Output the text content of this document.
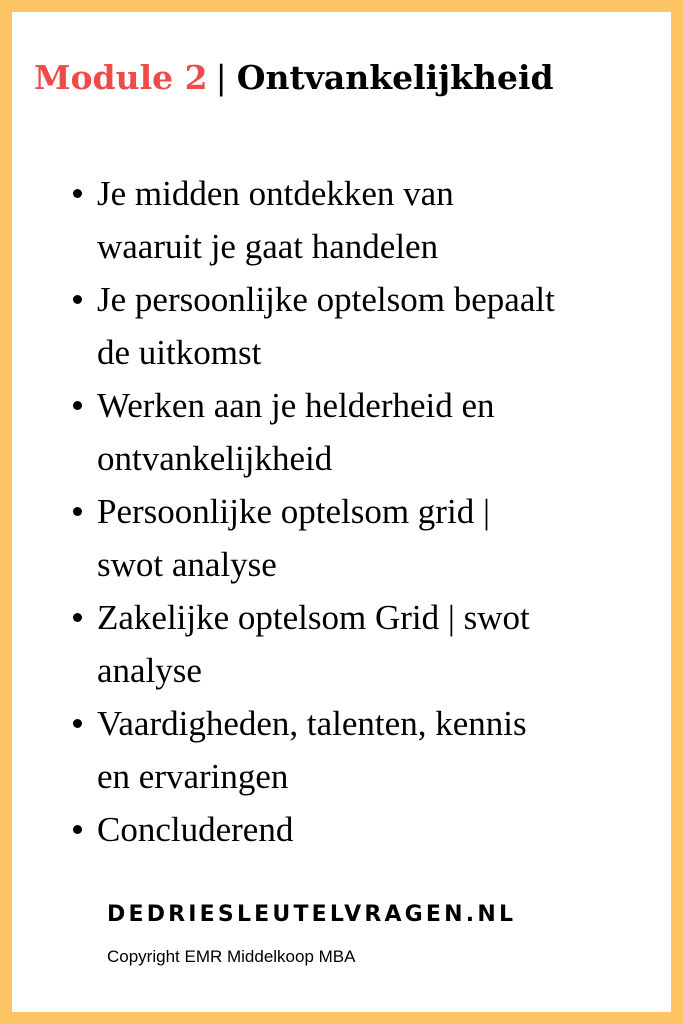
Module 2 | Ontvankelijkheid
Je midden ontdekken van
waaruit je gaat handelen
Je persoonlijke optelsom bepaalt
de uitkomst
Werken aan je helderheid en
ontvankelijkheid
Persoonlijke optelsom grid |
swot analyse
Zakelijke optelsom Grid | swot
analyse
Vaardigheden, talenten, kennis
en ervaringen
Concluderend
DEDRIESLEUTELVRAGEN.NL
Copyright EMR Middelkoop MBA
